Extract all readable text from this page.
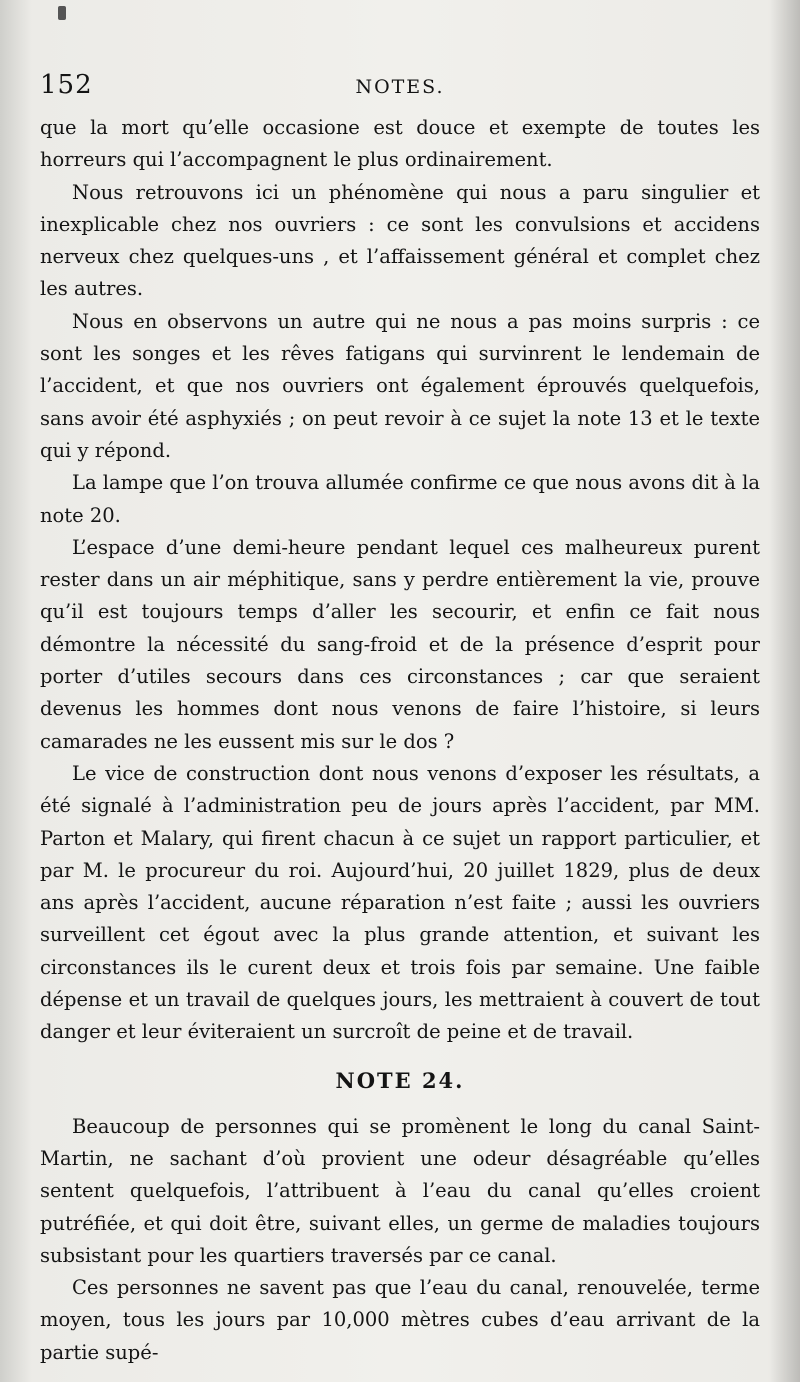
152	NOTES.

que la mort qu’elle occasione est douce et exempte de toutes les horreurs qui l’accompagnent le plus ordinairement.

Nous retrouvons ici un phénomène qui nous a paru singulier et inexplicable chez nos ouvriers : ce sont les convulsions et accidens nerveux chez quelques-uns , et l’affaissement général et complet chez les autres.

Nous en observons un autre qui ne nous a pas moins surpris : ce sont les songes et les rêves fatigans qui survinrent le lendemain de l’accident, et que nos ouvriers ont également éprouvés quelquefois, sans avoir été asphyxiés ; on peut revoir à ce sujet la note 13 et le texte qui y répond.

La lampe que l’on trouva allumée confirme ce que nous avons dit à la note 20.

L’espace d’une demi-heure pendant lequel ces malheureux purent rester dans un air méphitique, sans y perdre entièrement la vie, prouve qu’il est toujours temps d’aller les secourir, et enfin ce fait nous démontre la nécessité du sang-froid et de la présence d’esprit pour porter d’utiles secours dans ces circonstances ; car que seraient devenus les hommes dont nous venons de faire l’histoire, si leurs camarades ne les eussent mis sur le dos ?

Le vice de construction dont nous venons d’exposer les résultats, a été signalé à l’administration peu de jours après l’accident, par MM. Parton et Malary, qui firent chacun à ce sujet un rapport particulier, et par M. le procureur du roi. Aujourd’hui, 20 juillet 1829, plus de deux ans après l’accident, aucune réparation n’est faite ; aussi les ouvriers surveillent cet égout avec la plus grande attention, et suivant les circonstances ils le curent deux et trois fois par semaine. Une faible dépense et un travail de quelques jours, les mettraient à couvert de tout danger et leur éviteraient un surcroît de peine et de travail.

NOTE 24.

Beaucoup de personnes qui se promènent le long du canal Saint-Martin, ne sachant d’où provient une odeur désagréable qu’elles sentent quelquefois, l’attribuent à l’eau du canal qu’elles croient putréfiée, et qui doit être, suivant elles, un germe de maladies toujours subsistant pour les quartiers traversés par ce canal.

Ces personnes ne savent pas que l’eau du canal, renouvelée, terme moyen, tous les jours par 10,000 mètres cubes d’eau arrivant de la partie supé-
